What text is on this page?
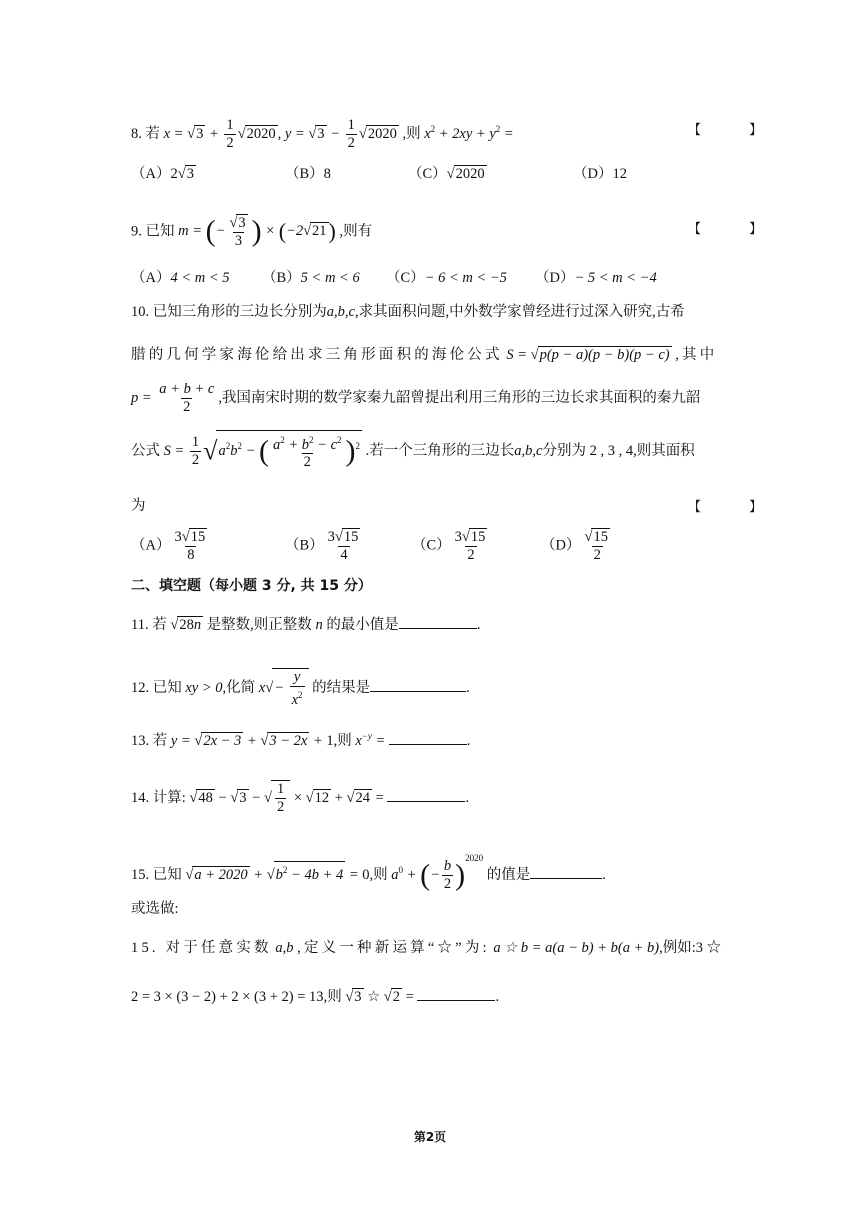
8. 若 $x = √3 + \frac{1}{2} √2020$ , $y = √3 - \frac{1}{2} √2020$ ,则 $x^2 + 2xy + y^2$ =	【 】
（A）2√3	（B）8	（C）√2020	（D）12
9. 已知 m = (− $\frac{√3}{3}$ ) × (−2√21) ,则有	【 】
（A）4 < m < 5 （B）5 < m < 6 （C）− 6 < m < −5 （D）− 5 < m < −4
10. 已知三角形的三边长分别为a,b,c,求其面积问题,中外数学家曾经进行过深入研究,古希
腊的几何学家海伦给出求三角形面积的海伦公式 S = √p(p − a)(p − b)(p − c) ,其中
$p = \frac{a + b + c}{2}$ ,我国南宋时期的数学家秦九韶曾提出利用三角形的三边长求其面积的秦九韶
公式 $S = \frac{1}{2} √a^2b^2$ − ( $\frac{a^2 + b^2 - c^2}{2} )^2$ .若一个三角形的三边长a,b,c分别为 2 , 3 , 4,则其面积
为	【 】
$(A) \frac{3√15}{8}$	$(B) \frac{3√15}{4}$	$(C) \frac{3√15}{2}$	$(D) \frac{√15}{2}$
二、填空题（每小题 3 分, 共 15 分）
11. 若 √28n 是整数,则正整数 n 的最小值是	.
12. 已知 xy > 0,化简 $x√- \frac{y}{x^2}$ 的结果是	.
13. 若 y = √2x − 3 + √3 − 2x + 1,则 $x^{-y}$ =	.
14. 计算: √48 − √3 − √ $\frac{1}{2} \times √12 + √24$ =	.
15. 已知 $√a + 2020 + √b^2 - 4b + 4 = 0$,则 $a^0$ + (− $\frac{b}{2} )^{2020}$ 的值是	.
或选做:
15. 对于任意实数 a,b ,定义一种新运算“☆”为: a ☆ b = a(a − b) + b(a + b),例如:3 ☆
2 = 3 × (3 − 2) + 2 × (3 + 2) = 13,则 √3 ☆ √2 =	.
第2页
